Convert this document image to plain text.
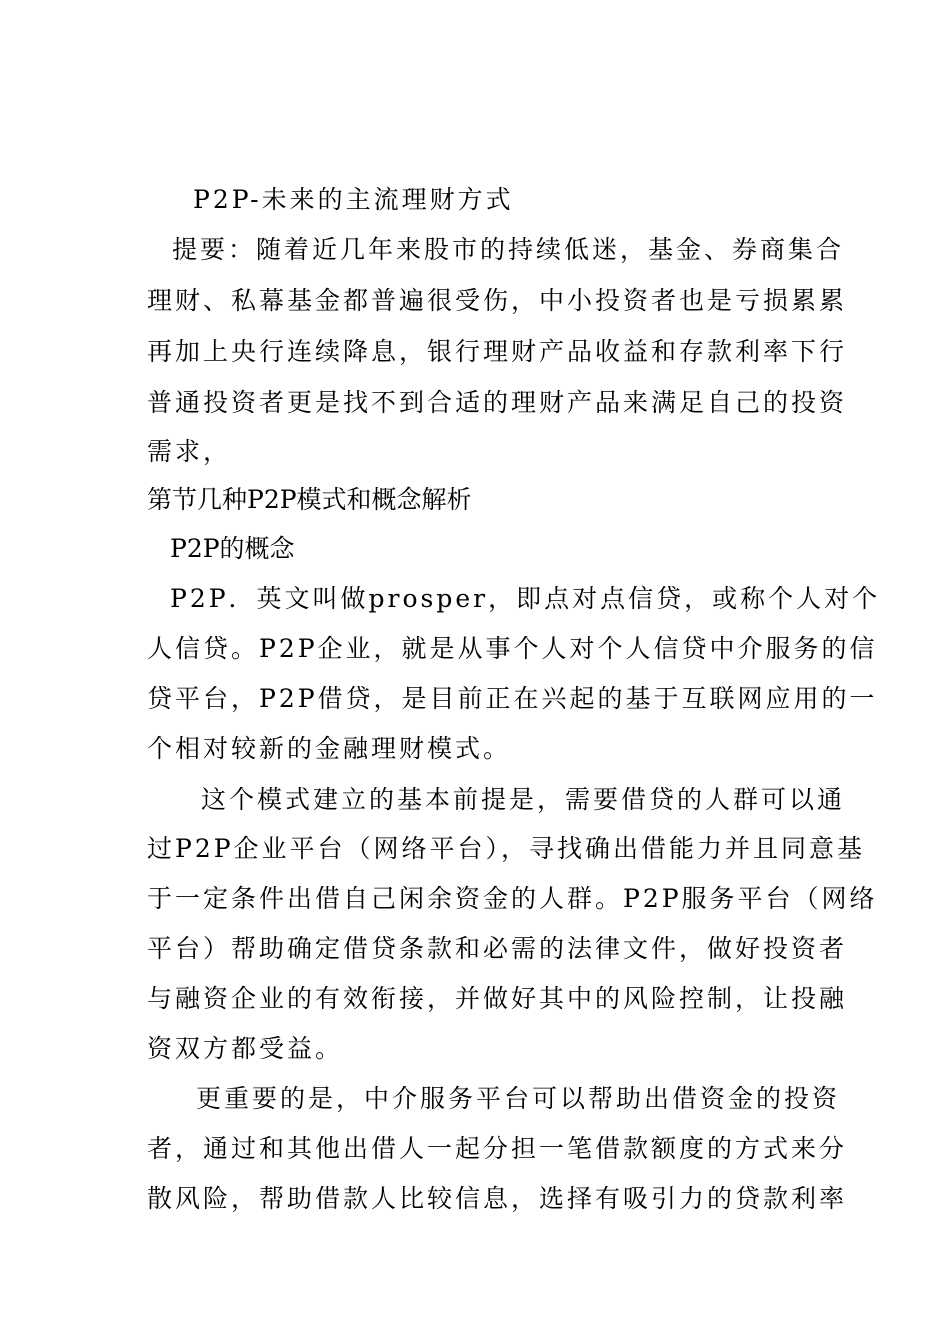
P2P-未来的主流理财方式
提要：随着近几年来股市的持续低迷，基金、券商集合
理财、私幕基金都普遍很受伤，中小投资者也是亏损累累
再加上央行连续降息，银行理财产品收益和存款利率下行
普通投资者更是找不到合适的理财产品来满足自己的投资
需求，
第节几种P2P模式和概念解析
P2P的概念
P2P．英文叫做prosper，即点对点信贷，或称个人对个
人信贷。P2P企业，就是从事个人对个人信贷中介服务的信
贷平台，P2P借贷，是目前正在兴起的基于互联网应用的一
个相对较新的金融理财模式。
这个模式建立的基本前提是，需要借贷的人群可以通
过P2P企业平台（网络平台），寻找确出借能力并且同意基
于一定条件出借自己闲余资金的人群。P2P服务平台（网络
平台）帮助确定借贷条款和必需的法律文件，做好投资者
与融资企业的有效衔接，并做好其中的风险控制，让投融
资双方都受益。
更重要的是，中介服务平台可以帮助出借资金的投资
者，通过和其他出借人一起分担一笔借款额度的方式来分
散风险，帮助借款人比较信息，选择有吸引力的贷款利率
